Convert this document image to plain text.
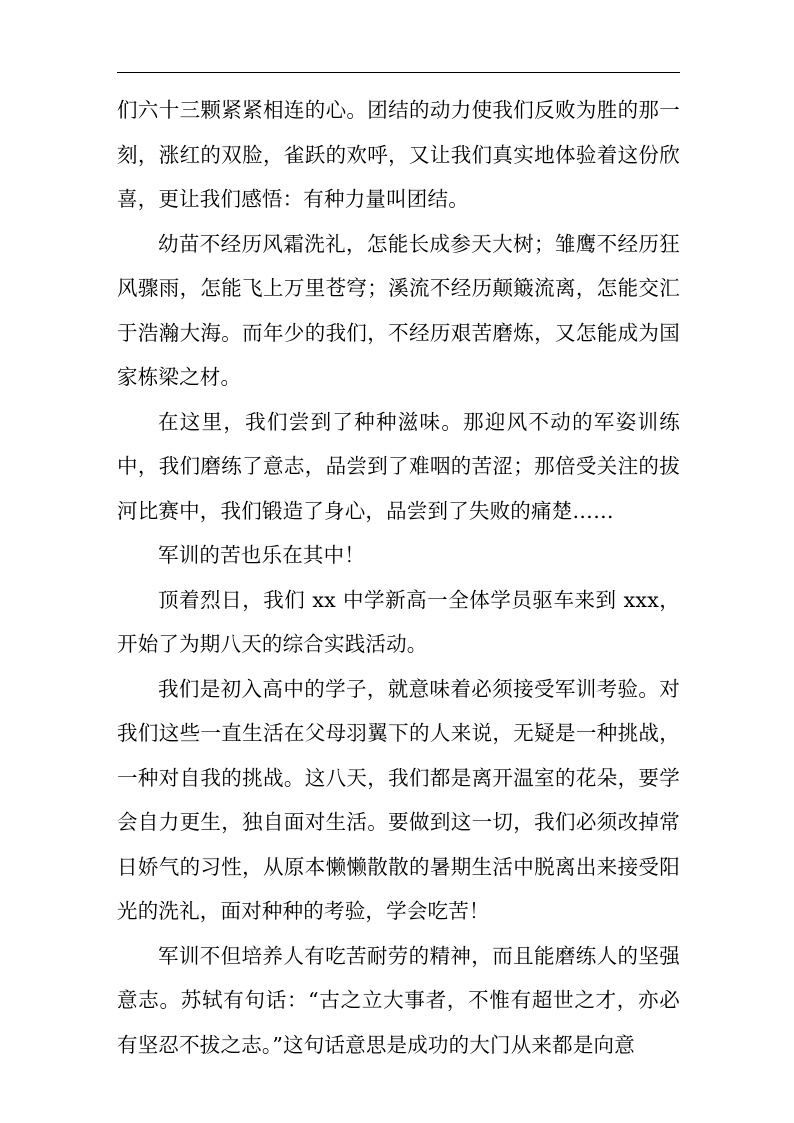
们六十三颗紧紧相连的心。团结的动力使我们反败为胜的那一刻，涨红的双脸，雀跃的欢呼，又让我们真实地体验着这份欣喜，更让我们感悟：有种力量叫团结。

幼苗不经历风霜洗礼，怎能长成参天大树；雏鹰不经历狂风骤雨，怎能飞上万里苍穹；溪流不经历颠簸流离，怎能交汇于浩瀚大海。而年少的我们，不经历艰苦磨炼，又怎能成为国家栋梁之材。

在这里，我们尝到了种种滋味。那迎风不动的军姿训练中，我们磨练了意志，品尝到了难咽的苦涩；那倍受关注的拔河比赛中，我们锻造了身心，品尝到了失败的痛楚……

军训的苦也乐在其中！

顶着烈日，我们 xx 中学新高一全体学员驱车来到 xxx，开始了为期八天的综合实践活动。

我们是初入高中的学子，就意味着必须接受军训考验。对我们这些一直生活在父母羽翼下的人来说，无疑是一种挑战，一种对自我的挑战。这八天，我们都是离开温室的花朵，要学会自力更生，独自面对生活。要做到这一切，我们必须改掉常日娇气的习性，从原本懒懒散散的暑期生活中脱离出来接受阳光的洗礼，面对种种的考验，学会吃苦！

军训不但培养人有吃苦耐劳的精神，而且能磨练人的坚强意志。苏轼有句话：“古之立大事者，不惟有超世之才，亦必有坚忍不拔之志。”这句话意思是成功的大门从来都是向意
